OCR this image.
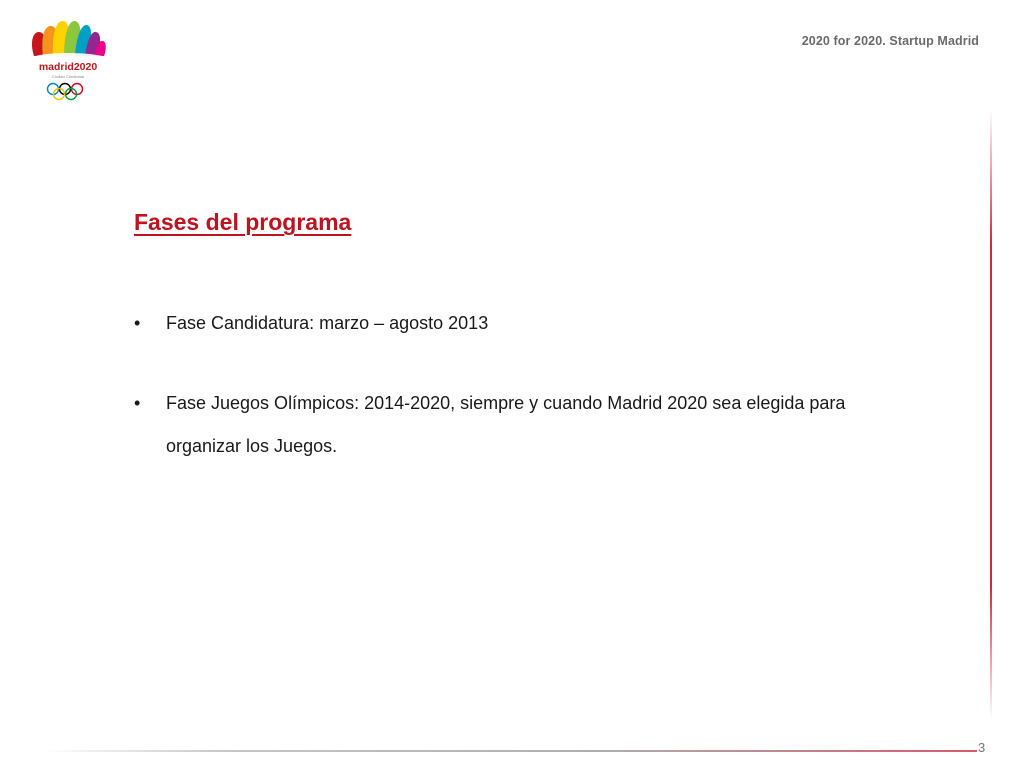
madrid2020
Ciudad Candidata
2020 for 2020. Startup Madrid
Fases del programa
•	Fase Candidatura: marzo – agosto 2013
•	Fase Juegos Olímpicos: 2014-2020, siempre y cuando Madrid 2020 sea elegida para organizar los Juegos.
3
